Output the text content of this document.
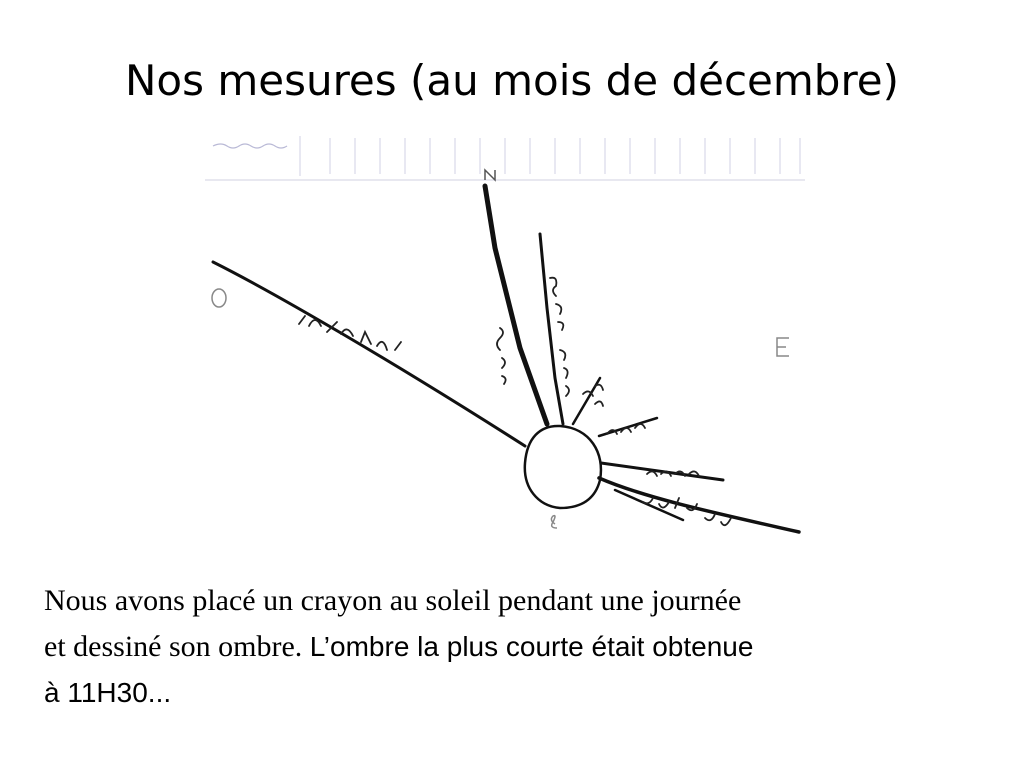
Nos mesures (au mois de décembre)
Nous avons placé un crayon au soleil pendant une journée
et dessiné son ombre. L’ombre la plus courte était obtenue
à 11H30...
